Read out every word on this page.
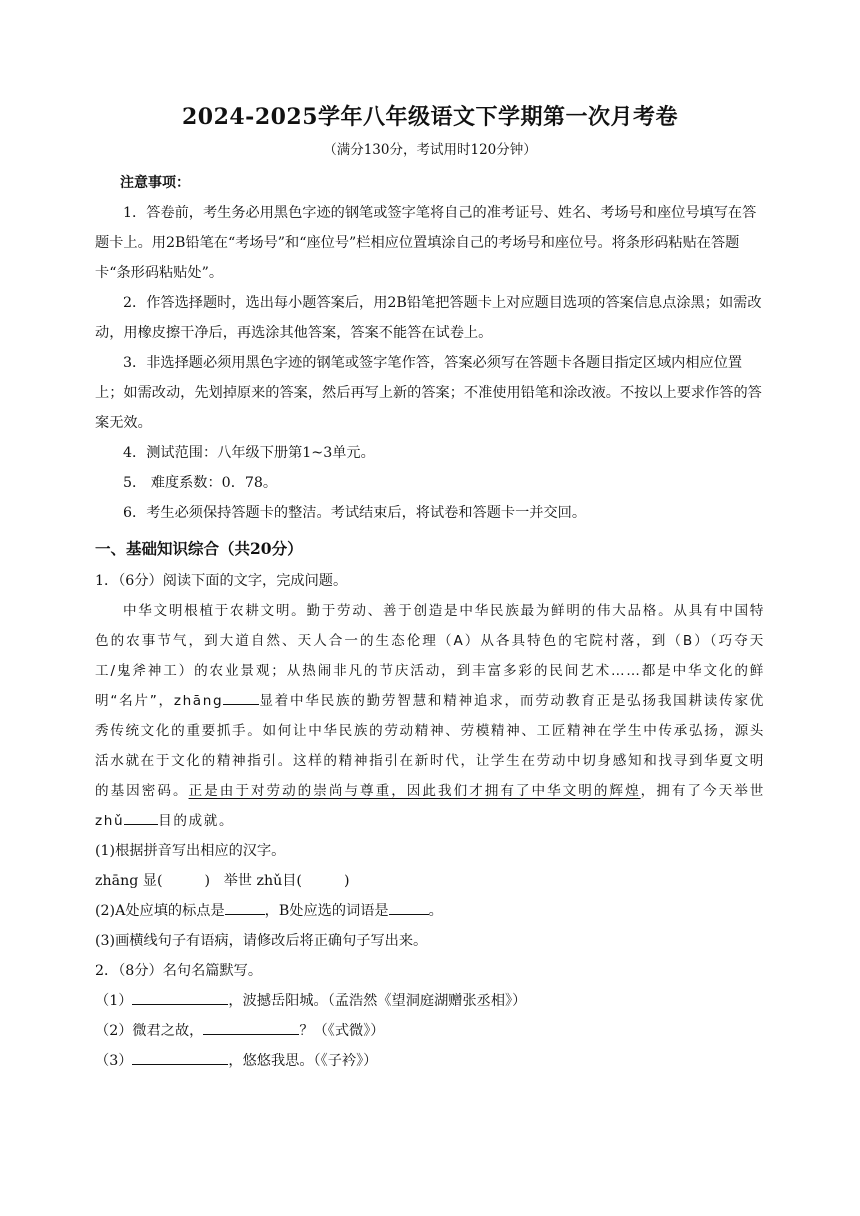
2024-2025学年八年级语文下学期第一次月考卷
（满分130分，考试用时120分钟）
注意事项：

1．答卷前，考生务必用黑色字迹的钢笔或签字笔将自己的准考证号、姓名、考场号和座位号填写在答题卡上。用2B铅笔在“考场号”和“座位号”栏相应位置填涂自己的考场号和座位号。将条形码粘贴在答题卡“条形码粘贴处”。

2．作答选择题时，选出每小题答案后，用2B铅笔把答题卡上对应题目选项的答案信息点涂黑；如需改动，用橡皮擦干净后，再选涂其他答案，答案不能答在试卷上。

3．非选择题必须用黑色字迹的钢笔或签字笔作答，答案必须写在答题卡各题目指定区域内相应位置上；如需改动，先划掉原来的答案，然后再写上新的答案；不准使用铅笔和涂改液。不按以上要求作答的答案无效。

4．测试范围：八年级下册第1~3单元。

5． 难度系数：0．78。

6．考生必须保持答题卡的整洁。考试结束后，将试卷和答题卡一并交回。

一、基础知识综合（共20分）

1．（6分）阅读下面的文字，完成问题。

中华文明根植于农耕文明。勤于劳动、善于创造是中华民族最为鲜明的伟大品格。从具有中国特色的农事节气，到大道自然、天人合一的生态伦理（A）从各具特色的宅院村落，到（B）（巧夺天工/鬼斧神工）的农业景观；从热闹非凡的节庆活动，到丰富多彩的民间艺术……都是中华文化的鲜明“名片”，zhāng	显着中华民族的勤劳智慧和精神追求，而劳动教育正是弘扬我国耕读传家优秀传统文化的重要抓手。如何让中华民族的劳动精神、劳模精神、工匠精神在学生中传承弘扬，源头活水就在于文化的精神指引。这样的精神指引在新时代，让学生在劳动中切身感知和找寻到华夏文明的基因密码。正是由于对劳动的崇尚与尊重，因此我们才拥有了中华文明的辉煌，拥有了今天举世 zhǔ	目的成就。

(1)根据拼音写出相应的汉字。

zhāng 显(	) 举世 zhǔ目(	)

(2)A处应填的标点是	，B处应选的词语是	。

(3)画横线句子有语病，请修改后将正确句子写出来。

2．（8分）名句名篇默写。

（1）	，波撼岳阳城。（孟浩然《望洞庭湖赠张丞相》）

（2）微君之故，	？（《式微》）

（3）	，悠悠我思。（《子衿》）
